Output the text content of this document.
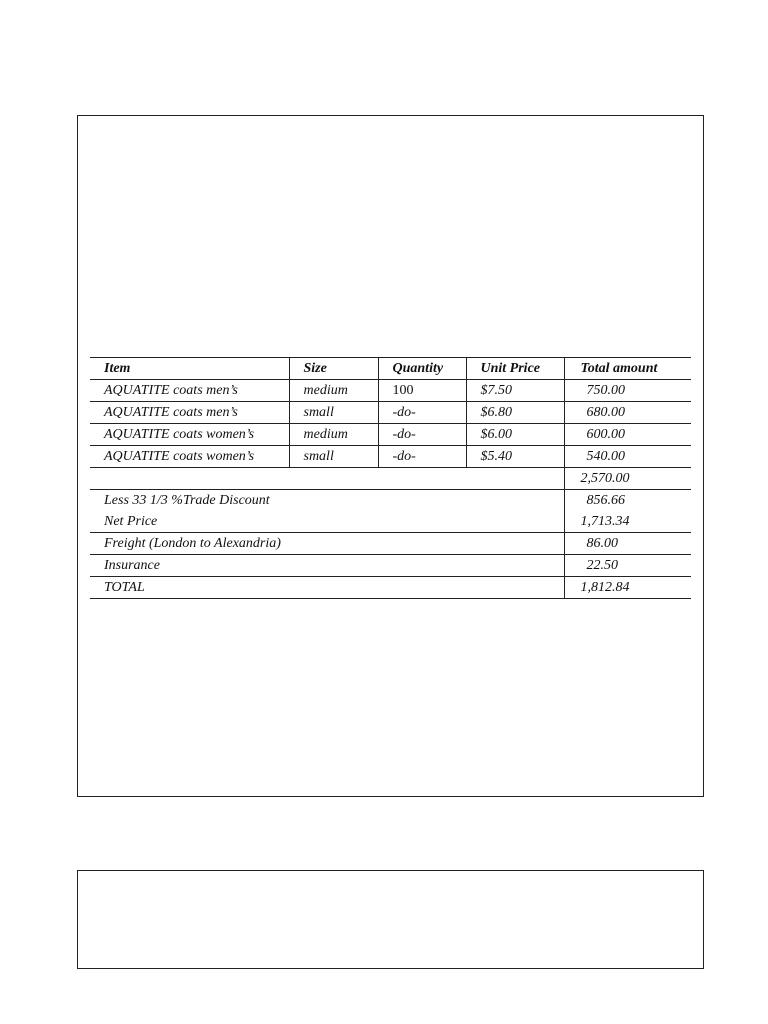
Item	Size	Quantity	Unit Price	Total amount
AQUATITE coats men’s	medium	100	$7.50	750.00
AQUATITE coats men’s	small	-do-	$6.80	680.00
AQUATITE coats women’s	medium	-do-	$6.00	600.00
AQUATITE coats women’s	small	-do-	$5.40	540.00
				2,570.00
Less 33 1/3 %Trade Discount				856.66
Net Price				1,713.34
Freight (London to Alexandria)				86.00
Insurance				22.50
TOTAL				1,812.84
